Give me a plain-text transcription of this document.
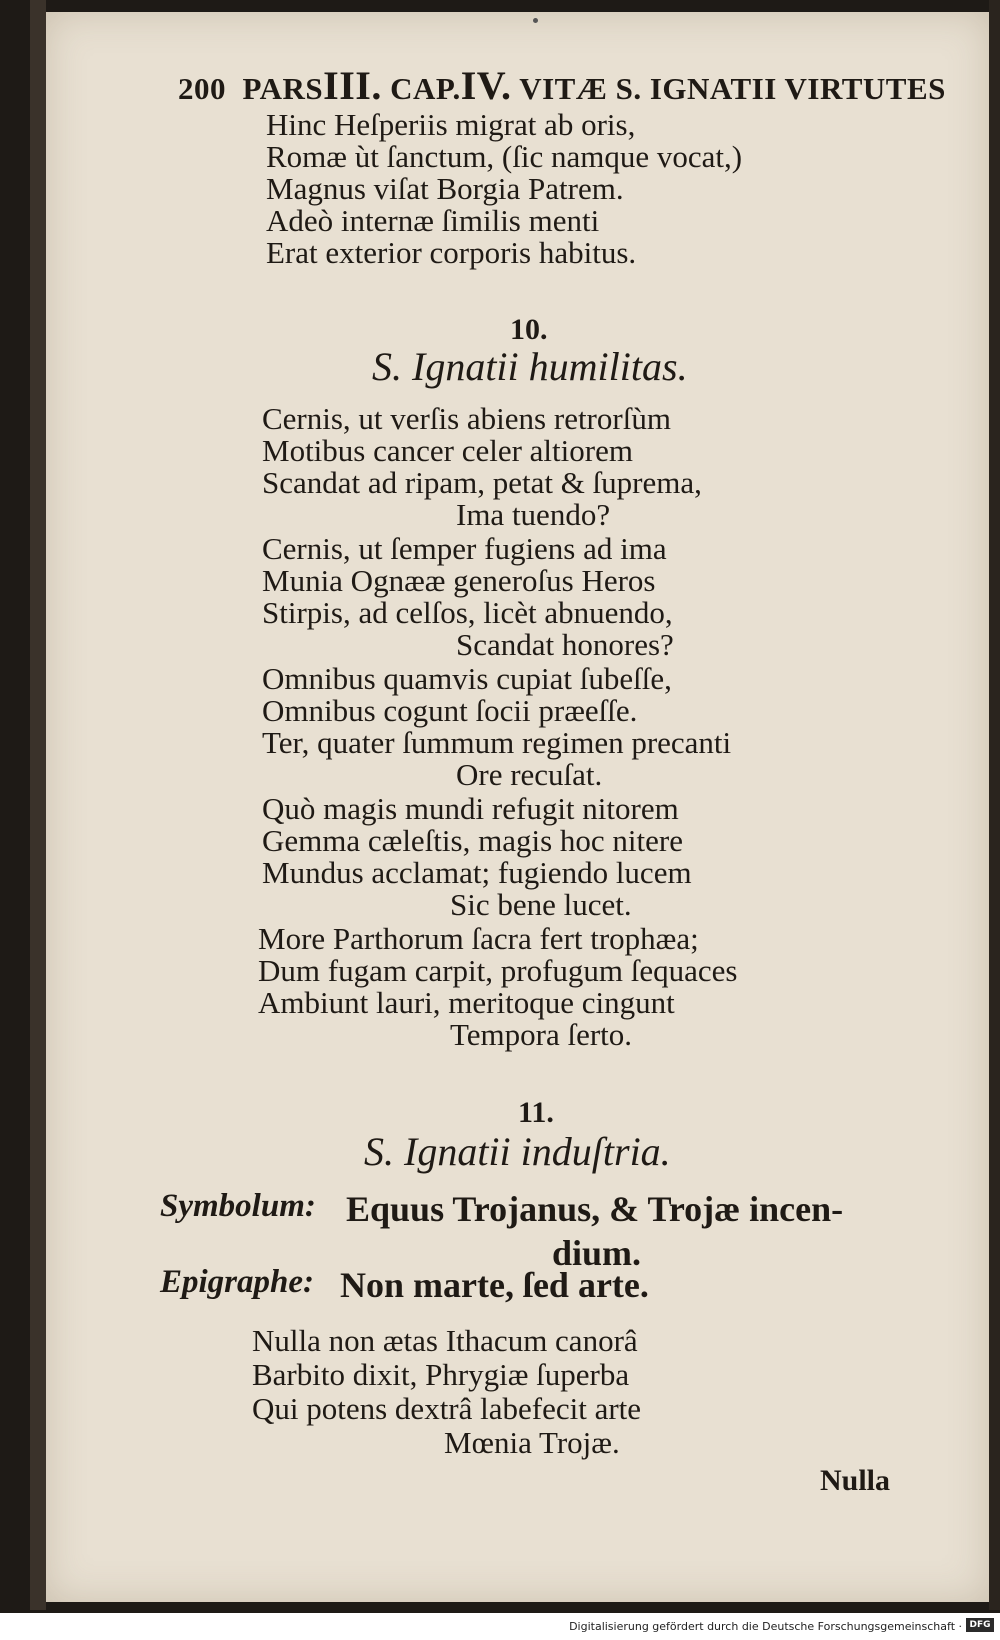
200 PARSIII. CAP.IV. VITÆ S. IGNATII VIRTUTES
Hinc Heſperiis migrat ab oris,
Romæ ùt ſanctum, (ſic namque vocat,)
Magnus viſat Borgia Patrem.
Adeò internæ ſimilis menti
Erat exterior corporis habitus.
10.
S. Ignatii humilitas.
Cernis, ut verſis abiens retrorſùm
Motibus cancer celer altiorem
Scandat ad ripam, petat & ſuprema,
Ima tuendo?
Cernis, ut ſemper fugiens ad ima
Munia Ognææ generoſus Heros
Stirpis, ad celſos, licèt abnuendo,
Scandat honores?
Omnibus quamvis cupiat ſubeſſe,
Omnibus cogunt ſocii præeſſe.
Ter, quater ſummum regimen precanti
Ore recuſat.
Quò magis mundi refugit nitorem
Gemma cæleſtis, magis hoc nitere
Mundus acclamat; fugiendo lucem
Sic bene lucet.
More Parthorum ſacra fert trophæa;
Dum fugam carpit, profugum ſequaces
Ambiunt lauri, meritoque cingunt
Tempora ſerto.
11.
S. Ignatii induſtria.
Symbolum: Equus Trojanus, & Trojæ incen-
dium.
Epigraphe: Non marte, ſed arte.
Nulla non ætas Ithacum canorâ
Barbito dixit, Phrygiæ ſuperba
Qui potens dextrâ labefecit arte
Mœnia Trojæ.
Nulla
Digitalisierung gefördert durch die Deutsche Forschungsgemeinschaft · DFG
